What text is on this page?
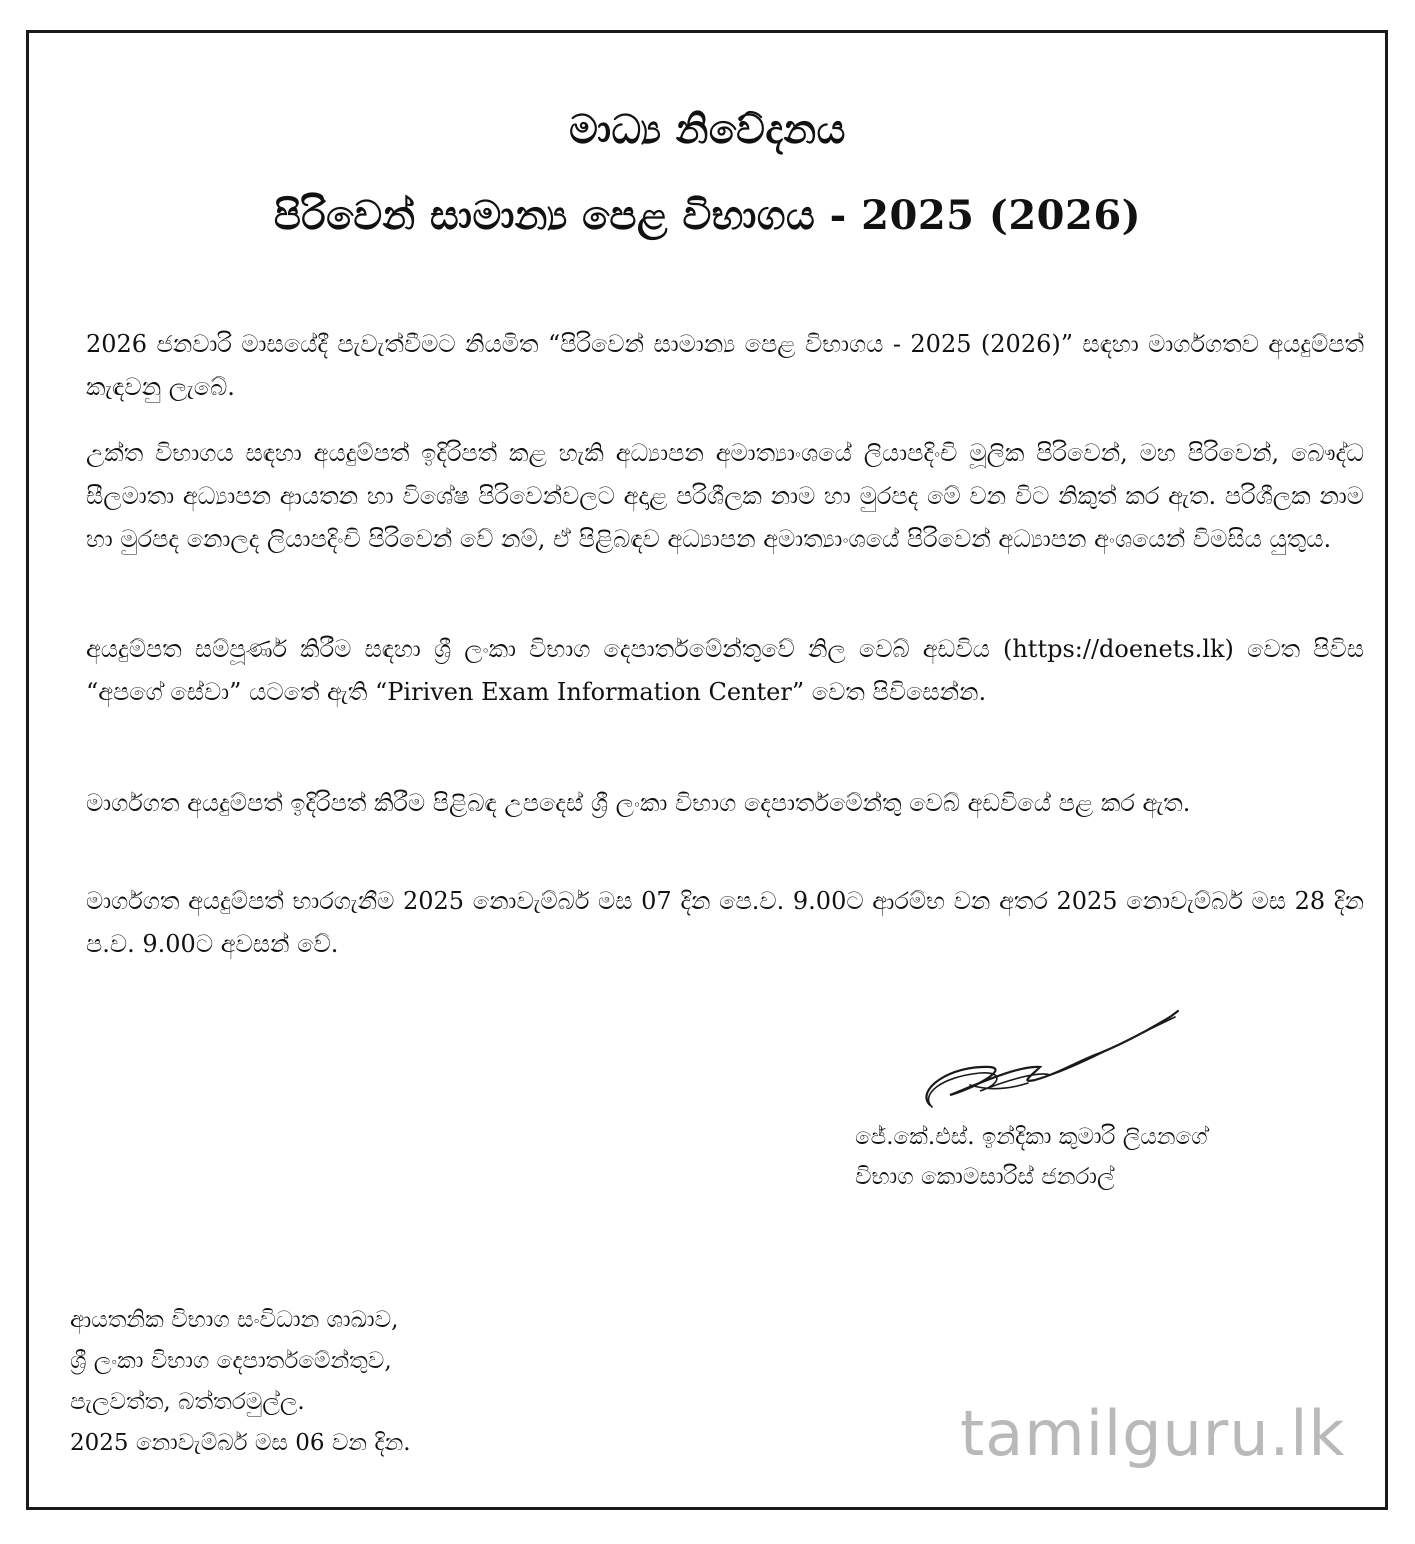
මාධ්‍ය නිවේදනය
පිරිවෙන් සාමාන්‍ය පෙළ විභාගය - 2025 (2026)

2026 ජනවාරි මාසයේදී පැවැත්වීමට නියමිත “පිරිවෙන් සාමාන්‍ය පෙළ විභාගය - 2025 (2026)” සඳහා මාර්ගගතව අයදුම්පත් කැඳවනු ලැබේ.

උක්ත විභාගය සඳහා අයදුම්පත් ඉදිරිපත් කළ හැකි අධ්‍යාපන අමාත්‍යාංශයේ ලියාපදිංචි මූලික පිරිවෙන්, මහ පිරිවෙන්, බෞද්ධ සීලමාතා අධ්‍යාපන ආයතන හා විශේෂ පිරිවෙන්වලට අදාළ පරිශීලක නාම හා මුරපද මේ වන විට නිකුත් කර ඇත. පරිශීලක නාම හා මුරපද නොලද ලියාපදිංචි පිරිවෙන් වේ නම්, ඒ පිළිබඳව අධ්‍යාපන අමාත්‍යාංශයේ පිරිවෙන් අධ්‍යාපන අංශයෙන් විමසිය යුතුය.

අයදුම්පත සම්පූර්ණ කිරීම සඳහා ශ්‍රී ලංකා විභාග දෙපාර්තමේන්තුවේ නිල වෙබ් අඩවිය (https://doenets.lk) වෙත පිවිස “අපගේ සේවා” යටතේ ඇති “Piriven Exam Information Center” වෙත පිවිසෙන්න.

මාර්ගගත අයදුම්පත් ඉදිරිපත් කිරීම පිළිබඳ උපදෙස් ශ්‍රී ලංකා විභාග දෙපාර්තමේන්තු වෙබ් අඩවියේ පළ කර ඇත.

මාර්ගගත අයදුම්පත් භාරගැනීම 2025 නොවැම්බර් මස 07 දින පෙ.ව. 9.00ට ආරම්භ වන අතර 2025 නොවැම්බර් මස 28 දින ප.ව. 9.00ට අවසන් වේ.

ජේ.කේ.එස්. ඉන්දිකා කුමාරි ලියනගේ
විභාග කොමසාරිස් ජනරාල්
ආයතනික විභාග සංවිධාන ශාඛාව,
ශ්‍රී ලංකා විභාග දෙපාර්තමේන්තුව,
පැලවත්ත, බත්තරමුල්ල.
2025 නොවැම්බර් මස 06 වන දින.	tamilguru.lk
